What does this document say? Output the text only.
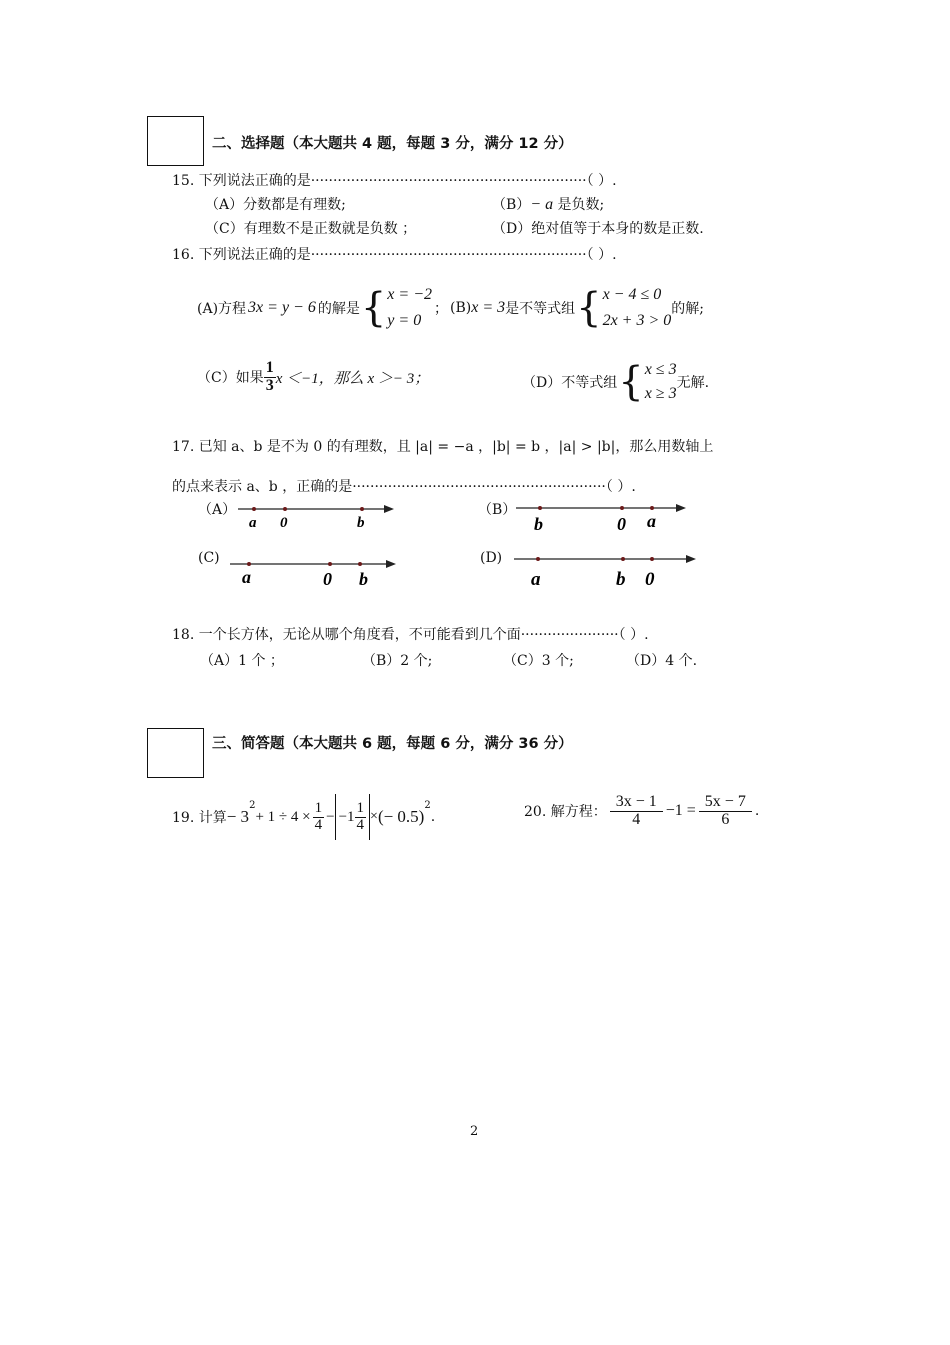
二、选择题（本大题共 4 题，每题 3 分，满分 12 分）
15. 下列说法正确的是······························································（ ）.
（A）分数都是有理数;	（B）− a 是负数;
（C）有理数不是正数就是负数 ；	（D）绝对值等于本身的数是正数.
16. 下列说法正确的是······························································（ ）.
(A)方程 3x = y − 6 的解是 { x = −2
y = 0
； (B) x = 3 是不等式组 { x − 4 ≤ 0
2x + 3 > 0
的解;
（C）如果 $\frac{1}{3}$ x ＜−1，那么 x ＞− 3；	（D）不等式组 { x ≤ 3
x ≥ 3
无解.
17. 已知 a、b 是不为 0 的有理数，且 |a| = −a ，|b| = b ，|a| > |b|，那么用数轴上
的点来表示 a、b ，正确的是·························································（ ）.
（A）
a 0	b
（B）
b	0 a
(C)
a	0 b
(D)
a	b 0
18. 一个长方体，无论从哪个角度看，不可能看到几个面······················（ ）.
（A）1 个 ；	（B）2 个;	（C）3 个;	（D）4 个.
三、简答题（本大题共 6 题，每题 6 分，满分 36 分）
19. 计算 − 3
$^2$
+ $1 \div 4 \times \frac{1}{4} - -1 \frac{1}{4}$ × (− 0.5)
$^2$
.	20. 解方程： $\frac{3x - 1}{4} -1 = \frac{5x - 7}{6}$ .
2
